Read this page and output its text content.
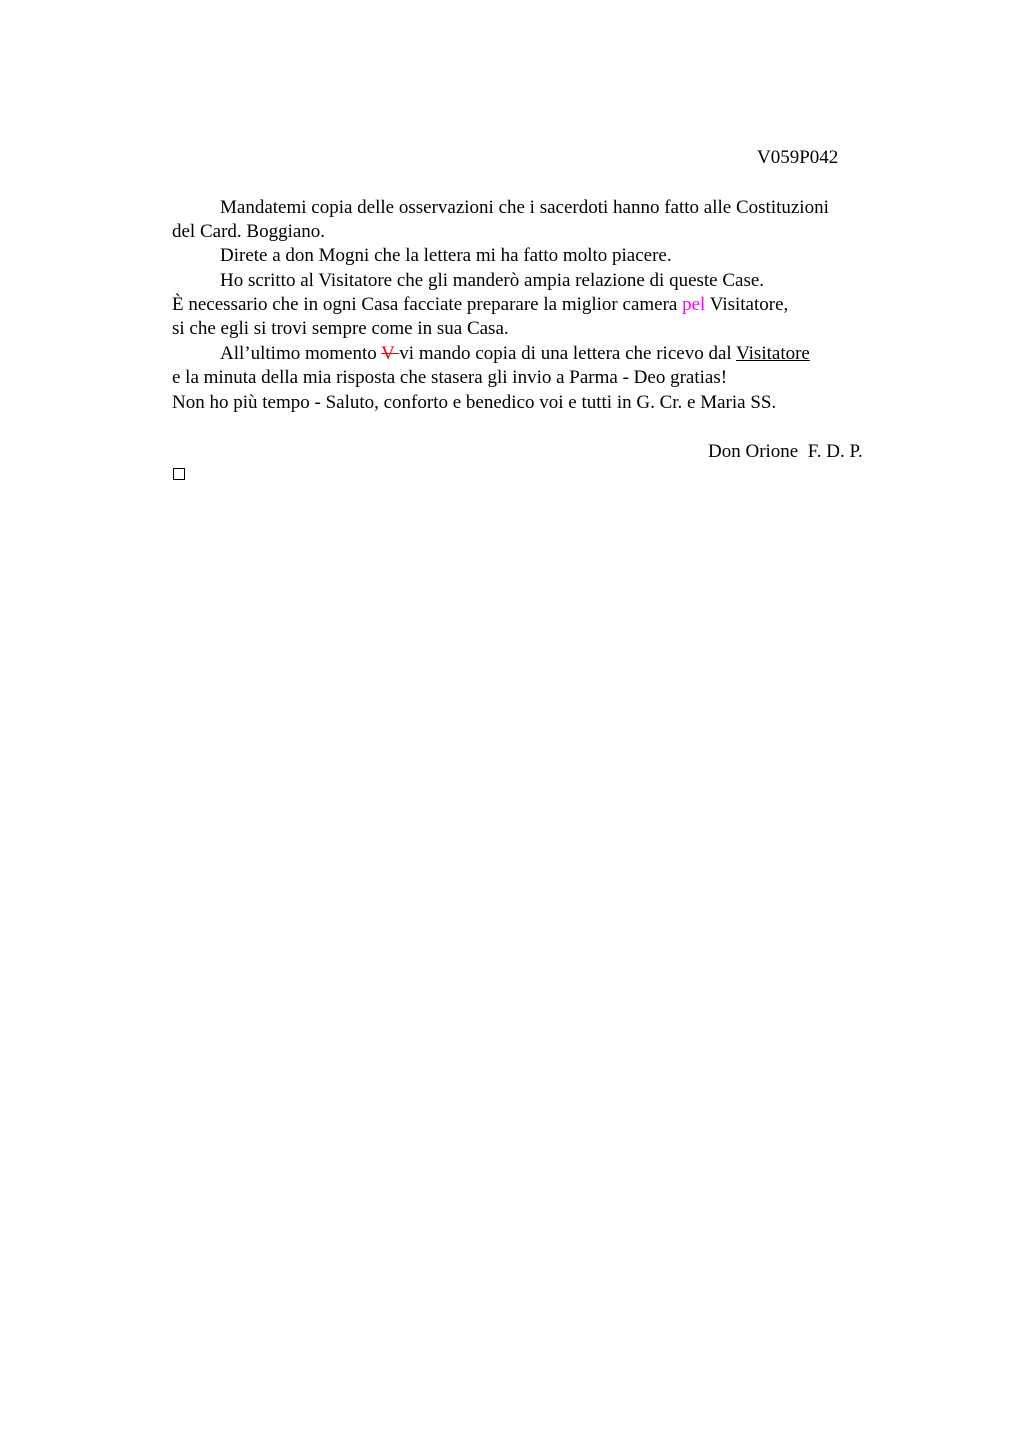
V059P042
Mandatemi copia delle osservazioni che i sacerdoti hanno fatto alle Costituzioni
del Card. Boggiano.
Direte a don Mogni che la lettera mi ha fatto molto piacere.
Ho scritto al Visitatore che gli manderò ampia relazione di queste Case.
È necessario che in ogni Casa facciate preparare la miglior camera pel Visitatore,
si che egli si trovi sempre come in sua Casa.
All’ultimo momento V vi mando copia di una lettera che ricevo dal Visitatore
e la minuta della mia risposta che stasera gli invio a Parma - Deo gratias!
Non ho più tempo - Saluto, conforto e benedico voi e tutti in G. Cr. e Maria SS.
Don Orione  F. D. P.
